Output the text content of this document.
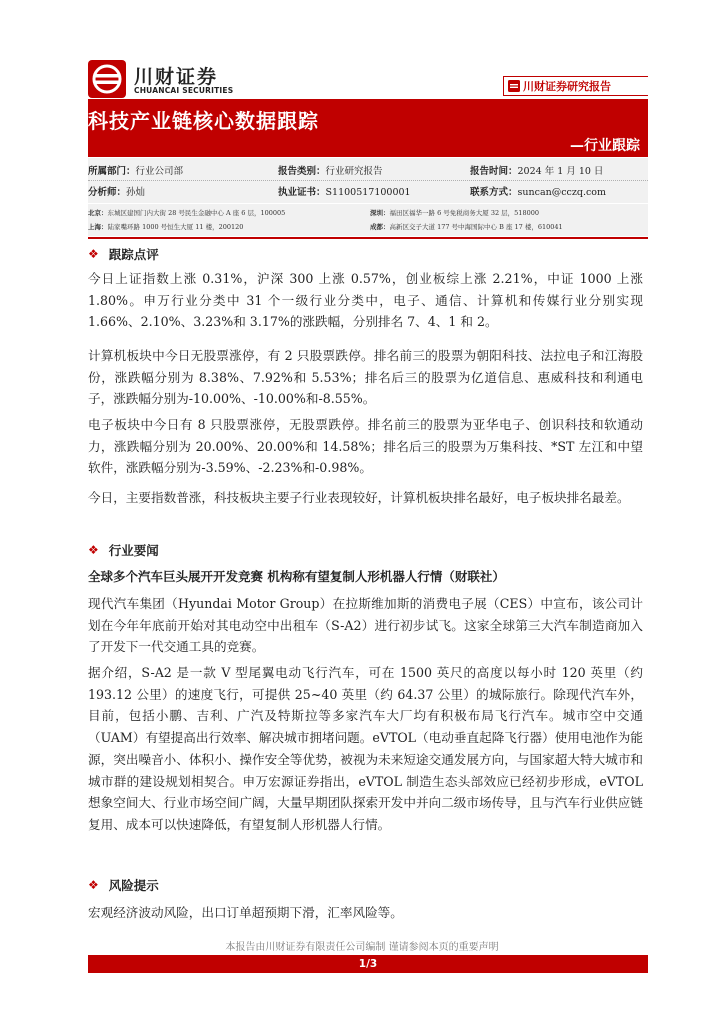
川财证券
CHUANCAI SECURITIES	川财证券研究报告
科技产业链核心数据跟踪
—行业跟踪
所属部门：行业公司部	报告类别：行业研究报告	报告时间：2024 年 1 月 10 日
分析师：孙灿	执业证书：S1100517100001	联系方式：suncan@cczq.com
北京：东城区建国门内大街 28 号民生金融中心 A 座 6 层，100005	深圳：福田区福华一路 6 号免税商务大厦 32 层，518000
上海：陆家嘴环路 1000 号恒生大厦 11 楼，200120	成都：高新区交子大道 177 号中海国际中心 B 座 17 楼，610041
❖ 跟踪点评
今日上证指数上涨 0.31%，沪深 300 上涨 0.57%，创业板综上涨 2.21%，中证 1000 上涨 1.80%。申万行业分类中 31 个一级行业分类中，电子、通信、计算机和传媒行业分别实现 1.66%、2.10%、3.23%和 3.17%的涨跌幅，分别排名 7、4、1 和 2。
计算机板块中今日无股票涨停，有 2 只股票跌停。排名前三的股票为朝阳科技、法拉电子和江海股份，涨跌幅分别为 8.38%、7.92%和 5.53%；排名后三的股票为亿道信息、惠威科技和利通电子，涨跌幅分别为-10.00%、-10.00%和-8.55%。
电子板块中今日有 8 只股票涨停，无股票跌停。排名前三的股票为亚华电子、创识科技和软通动力，涨跌幅分别为 20.00%、20.00%和 14.58%；排名后三的股票为万集科技、*ST 左江和中望软件，涨跌幅分别为-3.59%、-2.23%和-0.98%。
今日，主要指数普涨，科技板块主要子行业表现较好，计算机板块排名最好，电子板块排名最差。
❖ 行业要闻
全球多个汽车巨头展开开发竞赛 机构称有望复制人形机器人行情（财联社）
现代汽车集团（Hyundai Motor Group）在拉斯维加斯的消费电子展（CES）中宣布，该公司计划在今年年底前开始对其电动空中出租车（S-A2）进行初步试飞。这家全球第三大汽车制造商加入了开发下一代交通工具的竞赛。
据介绍，S-A2 是一款 V 型尾翼电动飞行汽车，可在 1500 英尺的高度以每小时 120 英里（约 193.12 公里）的速度飞行，可提供 25~40 英里（约 64.37 公里）的城际旅行。除现代汽车外，目前，包括小鹏、吉利、广汽及特斯拉等多家汽车大厂均有积极布局飞行汽车。城市空中交通（UAM）有望提高出行效率、解决城市拥堵问题。eVTOL（电动垂直起降飞行器）使用电池作为能源，突出噪音小、体积小、操作安全等优势，被视为未来短途交通发展方向，与国家超大特大城市和城市群的建设规划相契合。申万宏源证券指出，eVTOL 制造生态头部效应已经初步形成，eVTOL 想象空间大、行业市场空间广阔，大量早期团队探索开发中并向二级市场传导，且与汽车行业供应链复用、成本可以快速降低，有望复制人形机器人行情。
❖ 风险提示
宏观经济波动风险，出口订单超预期下滑，汇率风险等。
本报告由川财证券有限责任公司编制 谨请参阅本页的重要声明
1/3
